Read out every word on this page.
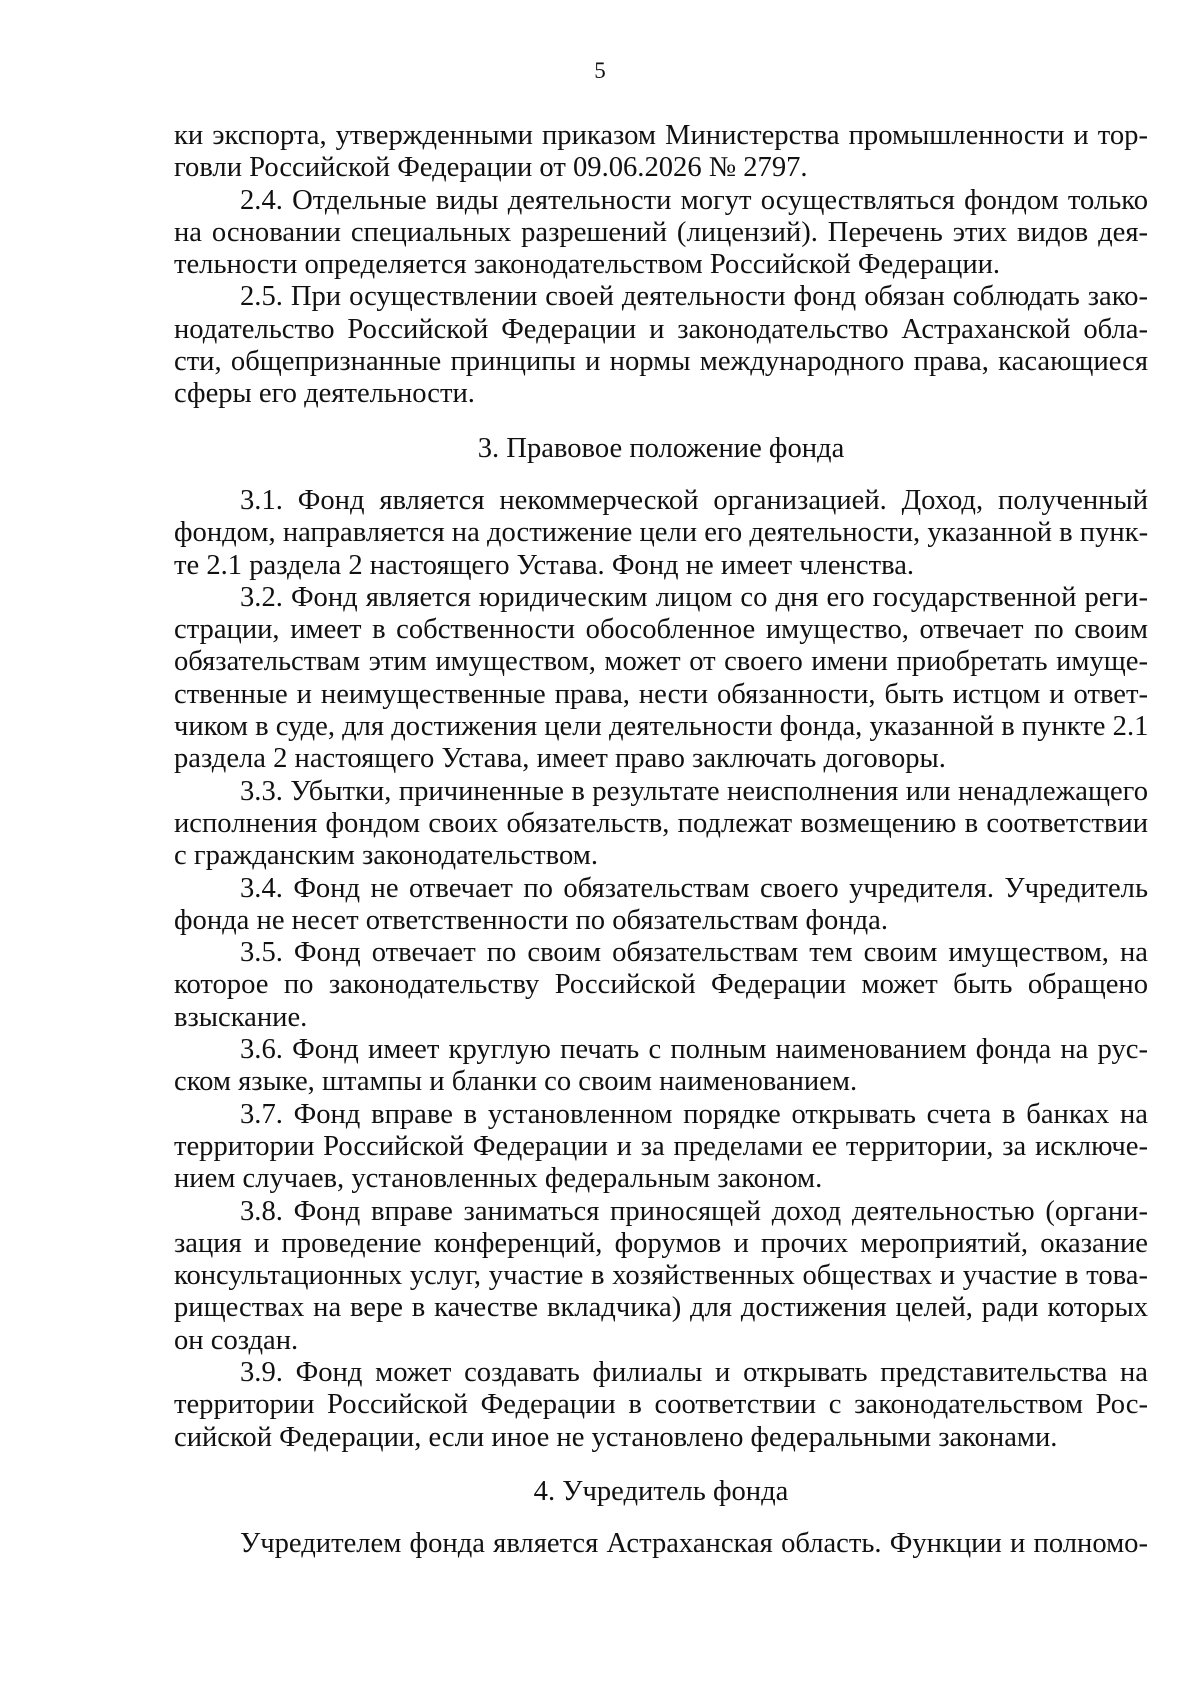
5
ки экспорта, утвержденными приказом Министерства промышленности и тор-
говли Российской Федерации от 09.06.2026 № 2797.
2.4. Отдельные виды деятельности могут осуществляться фондом только
на основании специальных разрешений (лицензий). Перечень этих видов дея-
тельности определяется законодательством Российской Федерации.
2.5. При осуществлении своей деятельности фонд обязан соблюдать зако-
нодательство Российской Федерации и законодательство Астраханской обла-
сти, общепризнанные принципы и нормы международного права, касающиеся
сферы его деятельности.
3. Правовое положение фонда
3.1. Фонд является некоммерческой организацией. Доход, полученный
фондом, направляется на достижение цели его деятельности, указанной в пунк-
те 2.1 раздела 2 настоящего Устава. Фонд не имеет членства.
3.2. Фонд является юридическим лицом со дня его государственной реги-
страции, имеет в собственности обособленное имущество, отвечает по своим
обязательствам этим имуществом, может от своего имени приобретать имуще-
ственные и неимущественные права, нести обязанности, быть истцом и ответ-
чиком в суде, для достижения цели деятельности фонда, указанной в пункте 2.1
раздела 2 настоящего Устава, имеет право заключать договоры.
3.3. Убытки, причиненные в результате неисполнения или ненадлежащего
исполнения фондом своих обязательств, подлежат возмещению в соответствии
с гражданским законодательством.
3.4. Фонд не отвечает по обязательствам своего учредителя. Учредитель
фонда не несет ответственности по обязательствам фонда.
3.5. Фонд отвечает по своим обязательствам тем своим имуществом, на
которое по законодательству Российской Федерации может быть обращено
взыскание.
3.6. Фонд имеет круглую печать с полным наименованием фонда на рус-
ском языке, штампы и бланки со своим наименованием.
3.7. Фонд вправе в установленном порядке открывать счета в банках на
территории Российской Федерации и за пределами ее территории, за исключе-
нием случаев, установленных федеральным законом.
3.8. Фонд вправе заниматься приносящей доход деятельностью (органи-
зация и проведение конференций, форумов и прочих мероприятий, оказание
консультационных услуг, участие в хозяйственных обществах и участие в това-
риществах на вере в качестве вкладчика) для достижения целей, ради которых
он создан.
3.9. Фонд может создавать филиалы и открывать представительства на
территории Российской Федерации в соответствии с законодательством Рос-
сийской Федерации, если иное не установлено федеральными законами.
4. Учредитель фонда
Учредителем фонда является Астраханская область. Функции и полномо-
